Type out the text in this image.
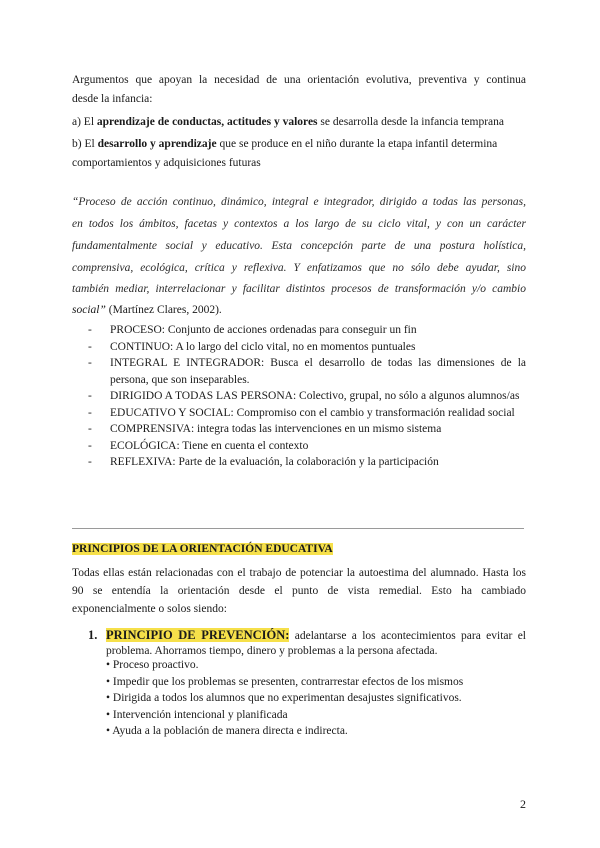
Argumentos que apoyan la necesidad de una orientación evolutiva, preventiva y continua
desde la infancia:
a) El aprendizaje de conductas, actitudes y valores se desarrolla desde la infancia temprana
b) El desarrollo y aprendizaje que se produce en el niño durante la etapa infantil determina
comportamientos y adquisiciones futuras
“Proceso de acción continuo, dinámico, integral e integrador, dirigido a todas las personas,
en todos los ámbitos, facetas y contextos a los largo de su ciclo vital, y con un carácter
fundamentalmente social y educativo. Esta concepción parte de una postura holística,
comprensiva, ecológica, crítica y reflexiva. Y enfatizamos que no sólo debe ayudar, sino
también mediar, interrelacionar y facilitar distintos procesos de transformación y/o cambio
social” (Martínez Clares, 2002).
- PROCESO: Conjunto de acciones ordenadas para conseguir un fin
- CONTINUO: A lo largo del ciclo vital, no en momentos puntuales
- INTEGRAL E INTEGRADOR: Busca el desarrollo de todas las dimensiones de la persona, que son inseparables.
- DIRIGIDO A TODAS LAS PERSONA: Colectivo, grupal, no sólo a algunos alumnos/as
- EDUCATIVO Y SOCIAL: Compromiso con el cambio y transformación realidad social
- COMPRENSIVA: integra todas las intervenciones en un mismo sistema
- ECOLÓGICA: Tiene en cuenta el contexto
- REFLEXIVA: Parte de la evaluación, la colaboración y la participación
PRINCIPIOS DE LA ORIENTACIÓN EDUCATIVA
Todas ellas están relacionadas con el trabajo de potenciar la autoestima del alumnado. Hasta los 90 se entendía la orientación desde el punto de vista remedial. Esto ha cambiado exponencialmente o solos siendo:
1. PRINCIPIO DE PREVENCIÓN: adelantarse a los acontecimientos para evitar el
problema. Ahorramos tiempo, dinero y problemas a la persona afectada.
• Proceso proactivo.
• Impedir que los problemas se presenten, contrarrestar efectos de los mismos
• Dirigida a todos los alumnos que no experimentan desajustes significativos.
• Intervención intencional y planificada
• Ayuda a la población de manera directa e indirecta.
2
